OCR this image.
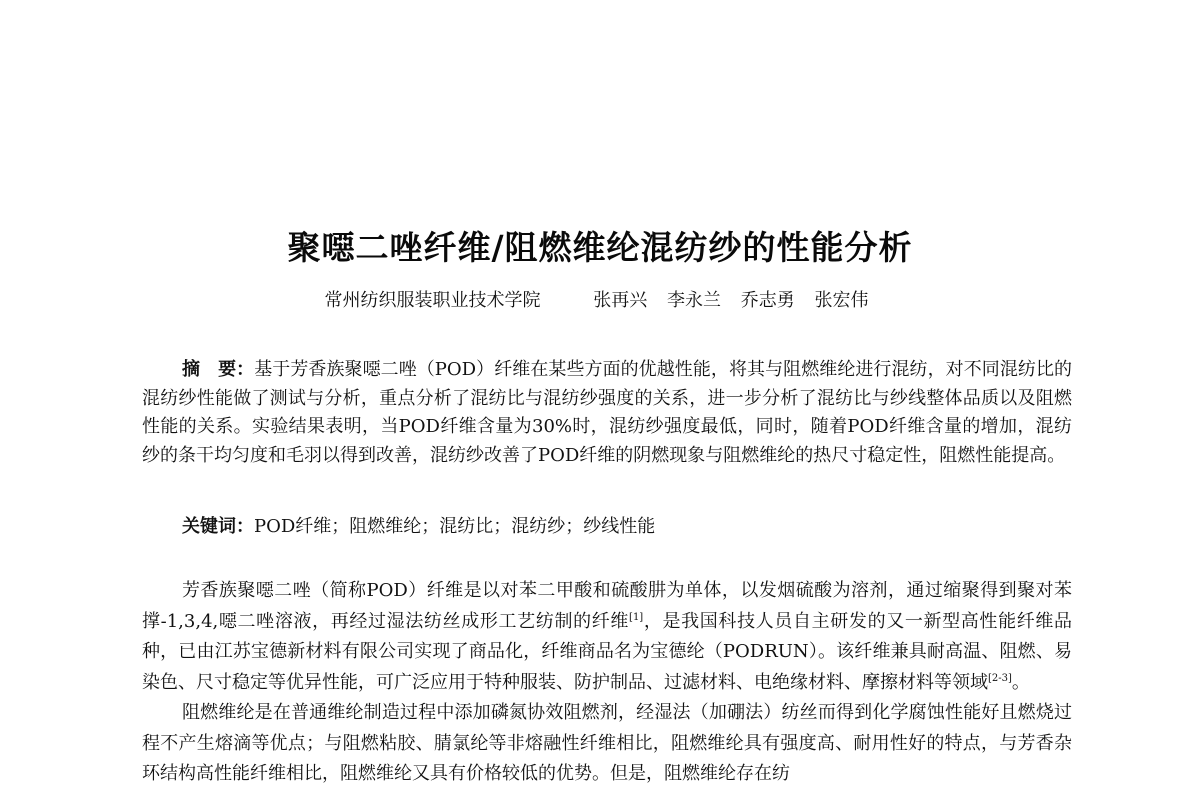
聚噁二唑纤维/阻燃维纶混纺纱的性能分析
常州纺织服装职业技术学院	张再兴 李永兰 乔志勇 张宏伟
摘　要：基于芳香族聚噁二唑（POD）纤维在某些方面的优越性能，将其与阻燃维纶进行混纺，对不同混纺比的混纺纱性能做了测试与分析，重点分析了混纺比与混纺纱强度的关系，进一步分析了混纺比与纱线整体品质以及阻燃性能的关系。实验结果表明，当POD纤维含量为30%时，混纺纱强度最低，同时，随着POD纤维含量的增加，混纺纱的条干均匀度和毛羽以得到改善，混纺纱改善了POD纤维的阴燃现象与阻燃维纶的热尺寸稳定性，阻燃性能提高。
关键词：POD纤维；阻燃维纶；混纺比；混纺纱；纱线性能

芳香族聚噁二唑（简称POD）纤维是以对苯二甲酸和硫酸肼为单体，以发烟硫酸为溶剂，通过缩聚得到聚对苯撑-1,3,4,噁二唑溶液，再经过湿法纺丝成形工艺纺制的纤维[1]，是我国科技人员自主研发的又一新型高性能纤维品种，已由江苏宝德新材料有限公司实现了商品化，纤维商品名为宝德纶（PODRUN）。该纤维兼具耐高温、阻燃、易染色、尺寸稳定等优异性能，可广泛应用于特种服装、防护制品、过滤材料、电绝缘材料、摩擦材料等领域[2-3]。

阻燃维纶是在普通维纶制造过程中添加磷氮协效阻燃剂，经湿法（加硼法）纺丝而得到化学腐蚀性能好且燃烧过程不产生熔滴等优点；与阻燃粘胶、腈氯纶等非熔融性纤维相比，阻燃维纶具有强度高、耐用性好的特点，与芳香杂环结构高性能纤维相比，阻燃维纶又具有价格较低的优势。但是，阻燃维纶存在纺
